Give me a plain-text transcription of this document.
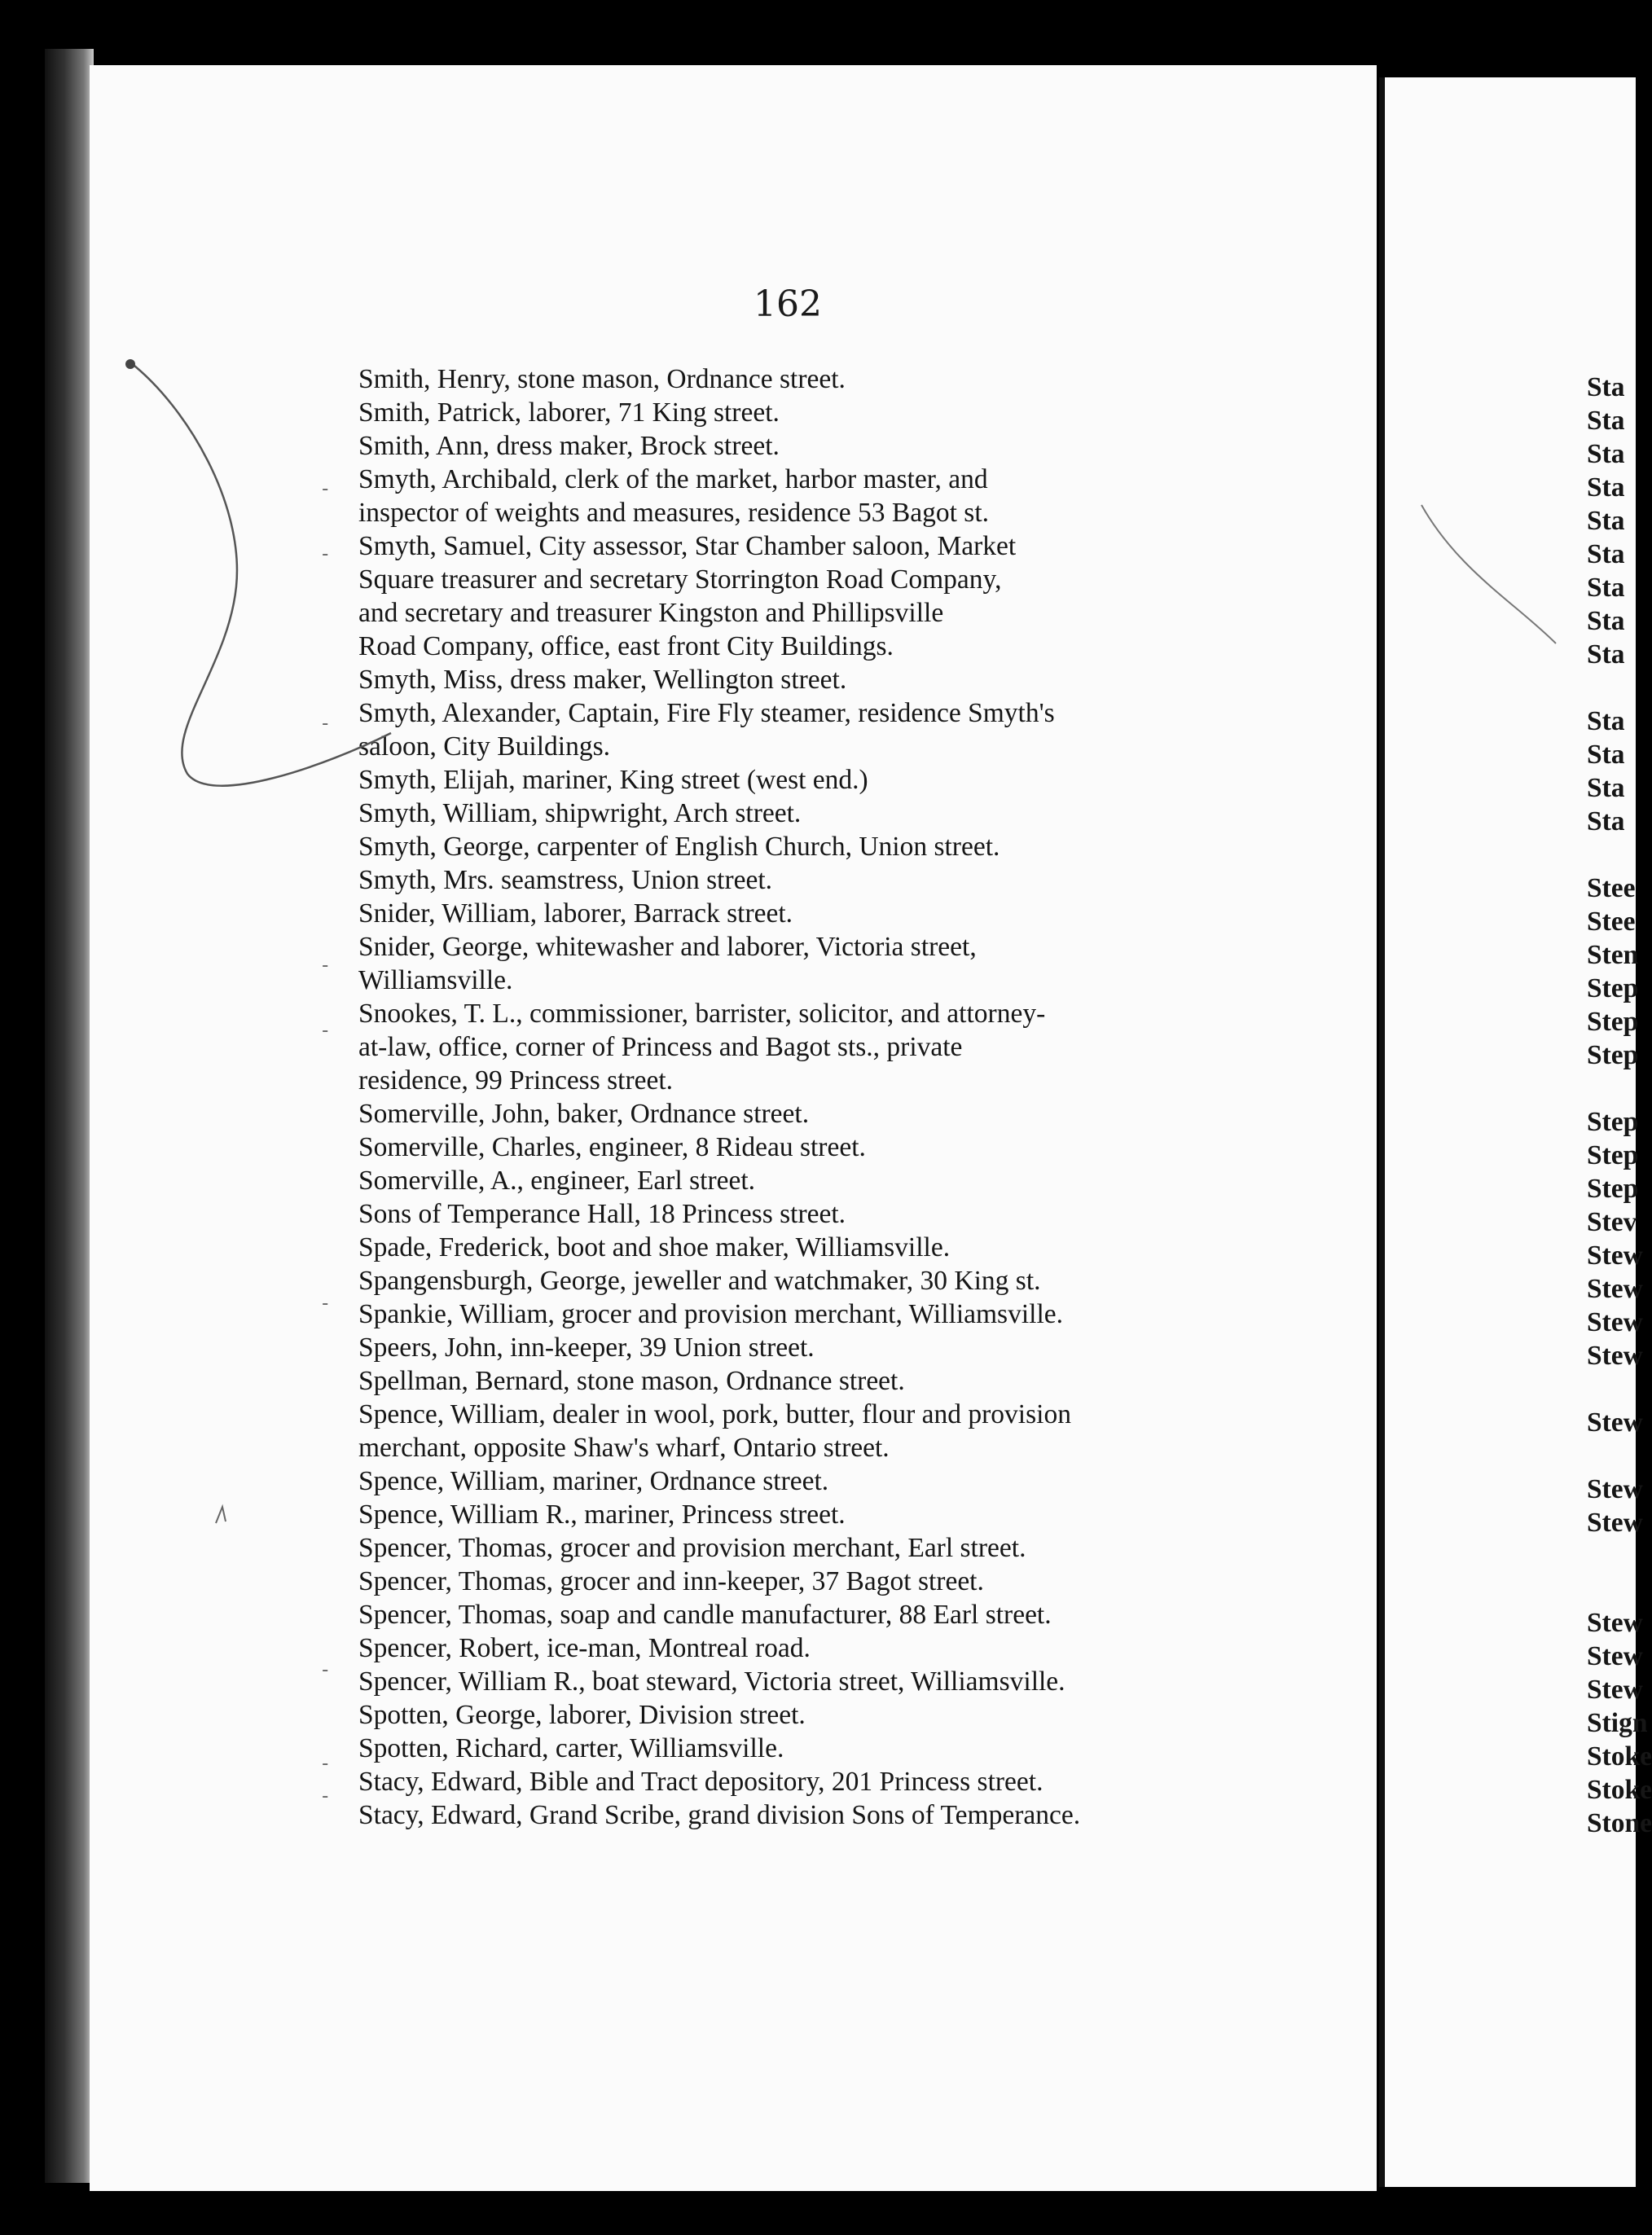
162
Smith, Henry, stone mason, Ordnance street.
Smith, Patrick, laborer, 71 King street.
Smith, Ann, dress maker, Brock street.
Smyth, Archibald, clerk of the market, harbor master, and
inspector of weights and measures, residence 53 Bagot st.
Smyth, Samuel, City assessor, Star Chamber saloon, Market
Square treasurer and secretary Storrington Road Company,
and secretary and treasurer Kingston and Phillipsville
Road Company, office, east front City Buildings.
Smyth, Miss, dress maker, Wellington street.
Smyth, Alexander, Captain, Fire Fly steamer, residence Smyth's
saloon, City Buildings.
Smyth, Elijah, mariner, King street (west end.)
Smyth, William, shipwright, Arch street.
Smyth, George, carpenter of English Church, Union street.
Smyth, Mrs. seamstress, Union street.
Snider, William, laborer, Barrack street.
Snider, George, whitewasher and laborer, Victoria street,
Williamsville.
Snookes, T. L., commissioner, barrister, solicitor, and attorney-
at-law, office, corner of Princess and Bagot sts., private
residence, 99 Princess street.
Somerville, John, baker, Ordnance street.
Somerville, Charles, engineer, 8 Rideau street.
Somerville, A., engineer, Earl street.
Sons of Temperance Hall, 18 Princess street.
Spade, Frederick, boot and shoe maker, Williamsville.
Spangensburgh, George, jeweller and watchmaker, 30 King st.
Spankie, William, grocer and provision merchant, Williamsville.
Speers, John, inn-keeper, 39 Union street.
Spellman, Bernard, stone mason, Ordnance street.
Spence, William, dealer in wool, pork, butter, flour and provision
merchant, opposite Shaw's wharf, Ontario street.
Spence, William, mariner, Ordnance street.
Spence, William R., mariner, Princess street.
Spencer, Thomas, grocer and provision merchant, Earl street.
Spencer, Thomas, grocer and inn-keeper, 37 Bagot street.
Spencer, Thomas, soap and candle manufacturer, 88 Earl street.
Spencer, Robert, ice-man, Montreal road.
Spencer, William R., boat steward, Victoria street, Williamsville.
Spotten, George, laborer, Division street.
Spotten, Richard, carter, Williamsville.
Stacy, Edward, Bible and Tract depository, 201 Princess street.
Stacy, Edward, Grand Scribe, grand division Sons of Temperance.
Sta
Sta
Sta
Sta
Sta
Sta
Sta
Sta
Sta
Sta
Sta
Sta
Sta
Stee
Stee
Sten
Step
Step
Step
Step
Step
Step
Stev
Stew
Stew
Stew
Stew
Stew
Stew
Stew
Stew
Stew
Stew
Stign
Stoke
Stoke
Stone
˗
˗
˗
˗
˗
˗
˗
˗
˗
